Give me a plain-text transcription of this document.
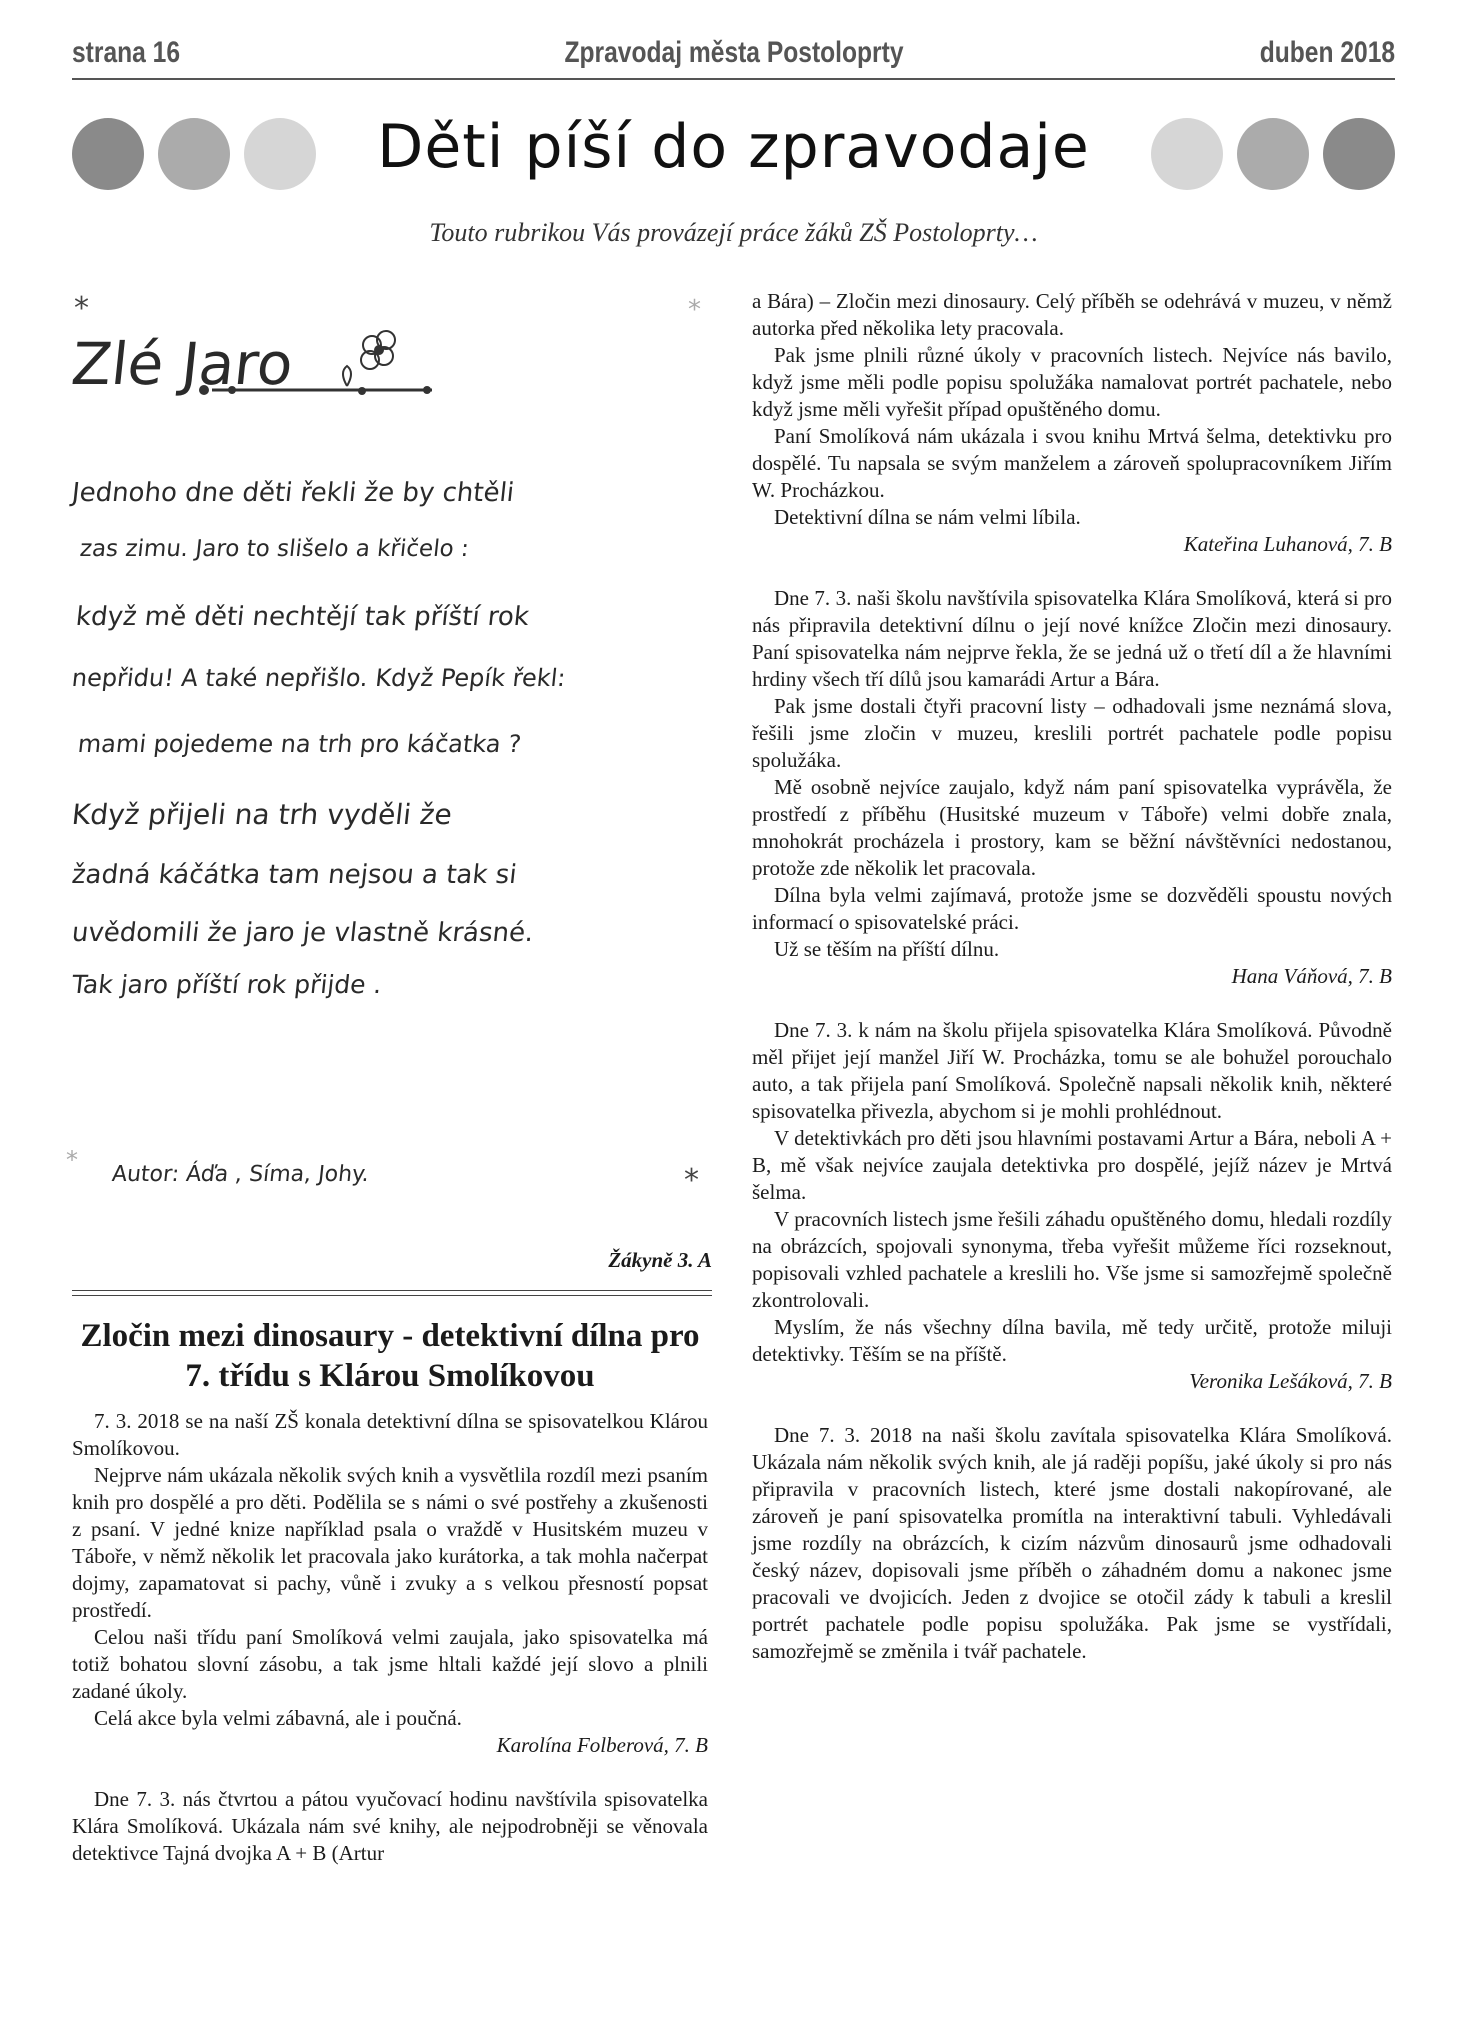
strana 16	Zpravodaj města Postoloprty	duben 2018
Děti píší do zpravodaje
Touto rubrikou Vás provázejí práce žáků ZŠ Postoloprty…
*	*
*
*
Zlé Jaro
Jednoho dne děti řekli že by chtěli
zas zimu. Jaro to slišelo a křičelo :
když mě děti nechtějí tak příští rok
nepřidu! A také nepřišlo. Když Pepík řekl:
mami pojedeme na trh pro káčatka ?
Když přijeli na trh vyděli že
žadná káčátka tam nejsou a tak si
uvědomili že jaro je vlastně krásné.
Tak jaro příští rok přijde .
Autor: Áďa , Síma, Johy.
Žákyně 3. A
Zločin mezi dinosaury - detektivní dílna pro 7. třídu s Klárou Smolíkovou

7. 3. 2018 se na naší ZŠ konala detektivní dílna se spisovatelkou Klárou Smolíkovou.

Nejprve nám ukázala několik svých knih a vysvětlila rozdíl mezi psaním knih pro dospělé a pro děti. Podělila se s námi o své postřehy a zkušenosti z psaní. V jedné knize například psala o vraždě v Husitském muzeu v Táboře, v němž několik let pracovala jako kurátorka, a tak mohla načerpat dojmy, zapamatovat si pachy, vůně i zvuky a s velkou přesností popsat prostředí.

Celou naši třídu paní Smolíková velmi zaujala, jako spisovatelka má totiž bohatou slovní zásobu, a tak jsme hltali každé její slovo a plnili zadané úkoly.

Celá akce byla velmi zábavná, ale i poučná.

Karolína Folberová, 7. B

Dne 7. 3. nás čtvrtou a pátou vyučovací hodinu navštívila spisovatelka Klára Smolíková. Ukázala nám své knihy, ale nejpodrobněji se věnovala detektivce Tajná dvojka A + B (Artur

a Bára) – Zločin mezi dinosaury. Celý příběh se odehrává v muzeu, v němž autorka před několika lety pracovala.

Pak jsme plnili různé úkoly v pracovních listech. Nejvíce nás bavilo, když jsme měli podle popisu spolužáka namalovat portrét pachatele, nebo když jsme měli vyřešit případ opuštěného domu.

Paní Smolíková nám ukázala i svou knihu Mrtvá šelma, detektivku pro dospělé. Tu napsala se svým manželem a zároveň spolupracovníkem Jiřím W. Procházkou.

Detektivní dílna se nám velmi líbila.

Kateřina Luhanová, 7. B

Dne 7. 3. naši školu navštívila spisovatelka Klára Smolíková, která si pro nás připravila detektivní dílnu o její nové knížce Zločin mezi dinosaury. Paní spisovatelka nám nejprve řekla, že se jedná už o třetí díl a že hlavními hrdiny všech tří dílů jsou kamarádi Artur a Bára.

Pak jsme dostali čtyři pracovní listy – odhadovali jsme neznámá slova, řešili jsme zločin v muzeu, kreslili portrét pachatele podle popisu spolužáka.

Mě osobně nejvíce zaujalo, když nám paní spisovatelka vyprávěla, že prostředí z příběhu (Husitské muzeum v Táboře) velmi dobře znala, mnohokrát procházela i prostory, kam se běžní návštěvníci nedostanou, protože zde několik let pracovala.

Dílna byla velmi zajímavá, protože jsme se dozvěděli spoustu nových informací o spisovatelské práci.

Už se těším na příští dílnu.

Hana Váňová, 7. B

Dne 7. 3. k nám na školu přijela spisovatelka Klára Smolíková. Původně měl přijet její manžel Jiří W. Procházka, tomu se ale bohužel porouchalo auto, a tak přijela paní Smolíková. Společně napsali několik knih, některé spisovatelka přivezla, abychom si je mohli prohlédnout.

V detektivkách pro děti jsou hlavními postavami Artur a Bára, neboli A + B, mě však nejvíce zaujala detektivka pro dospělé, jejíž název je Mrtvá šelma.

V pracovních listech jsme řešili záhadu opuštěného domu, hledali rozdíly na obrázcích, spojovali synonyma, třeba vyřešit můžeme říci rozseknout, popisovali vzhled pachatele a kreslili ho. Vše jsme si samozřejmě společně zkontrolovali.

Myslím, že nás všechny dílna bavila, mě tedy určitě, protože miluji detektivky. Těším se na příště.

Veronika Lešáková, 7. B

Dne 7. 3. 2018 na naši školu zavítala spisovatelka Klára Smolíková. Ukázala nám několik svých knih, ale já raději popíšu, jaké úkoly si pro nás připravila v pracovních listech, které jsme dostali nakopírované, ale zároveň je paní spisovatelka promítla na interaktivní tabuli. Vyhledávali jsme rozdíly na obrázcích, k cizím názvům dinosaurů jsme odhadovali český název, dopisovali jsme příběh o záhadném domu a nakonec jsme pracovali ve dvojicích. Jeden z dvojice se otočil zády k tabuli a kreslil portrét pachatele podle popisu spolužáka. Pak jsme se vystřídali, samozřejmě se změnila i tvář pachatele.
